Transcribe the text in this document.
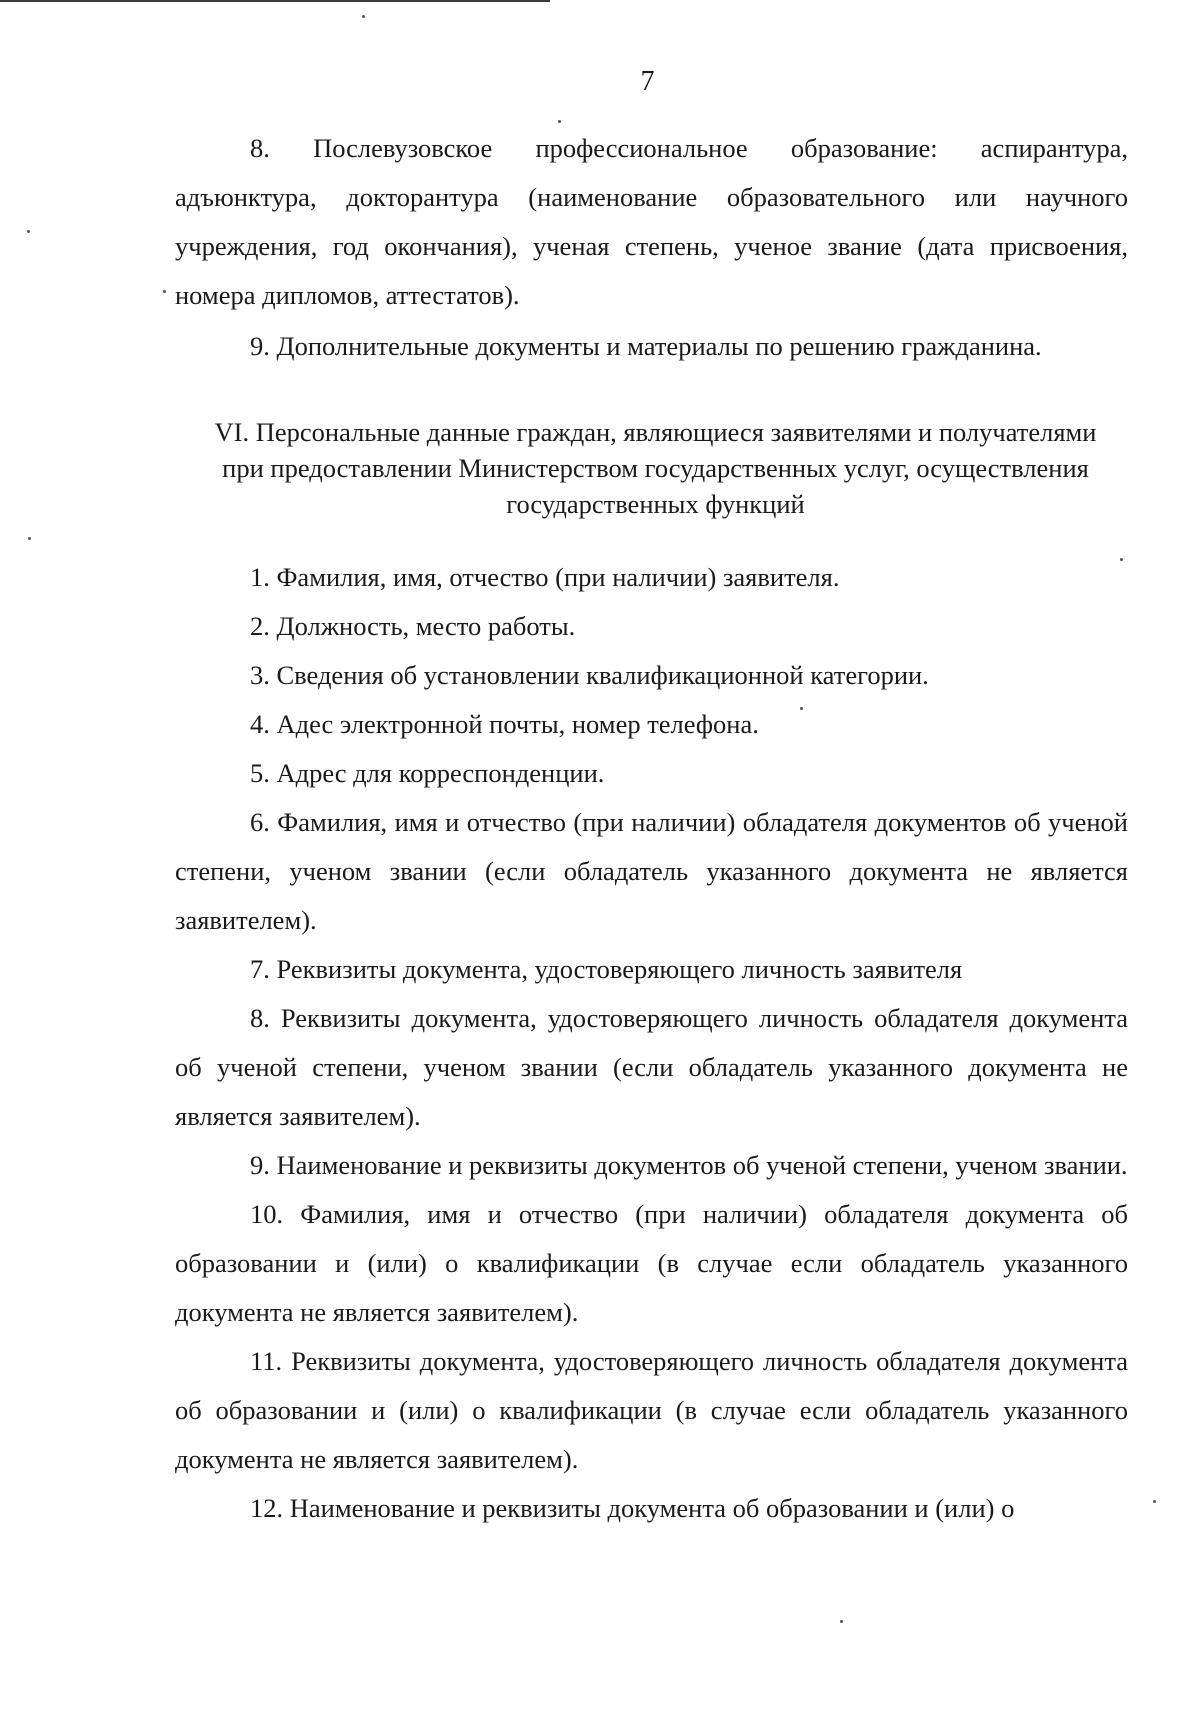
7

8. Послевузовское профессиональное образование: аспирантура, адъюнктура, докторантура (наименование образовательного или научного учреждения, год окончания), ученая степень, ученое звание (дата присвоения, номера дипломов, аттестатов).

9. Дополнительные документы и материалы по решению гражданина.

VI. Персональные данные граждан, являющиеся заявителями и получателями
при предоставлении Министерством государственных услуг, осуществления
государственных функций

1. Фамилия, имя, отчество (при наличии) заявителя.

2. Должность, место работы.

3. Сведения об установлении квалификационной категории.

4. Адес электронной почты, номер телефона.

5. Адрес для корреспонденции.

6. Фамилия, имя и отчество (при наличии) обладателя документов об ученой степени, ученом звании (если обладатель указанного документа не является заявителем).

7. Реквизиты документа, удостоверяющего личность заявителя

8. Реквизиты документа, удостоверяющего личность обладателя документа об ученой степени, ученом звании (если обладатель указанного документа не является заявителем).

9. Наименование и реквизиты документов об ученой степени, ученом звании.

10. Фамилия, имя и отчество (при наличии) обладателя документа об образовании и (или) о квалификации (в случае если обладатель указанного документа не является заявителем).

11. Реквизиты документа, удостоверяющего личность обладателя документа об образовании и (или) о квалификации (в случае если обладатель указанного документа не является заявителем).

12. Наименование и реквизиты документа об образовании и (или) о
